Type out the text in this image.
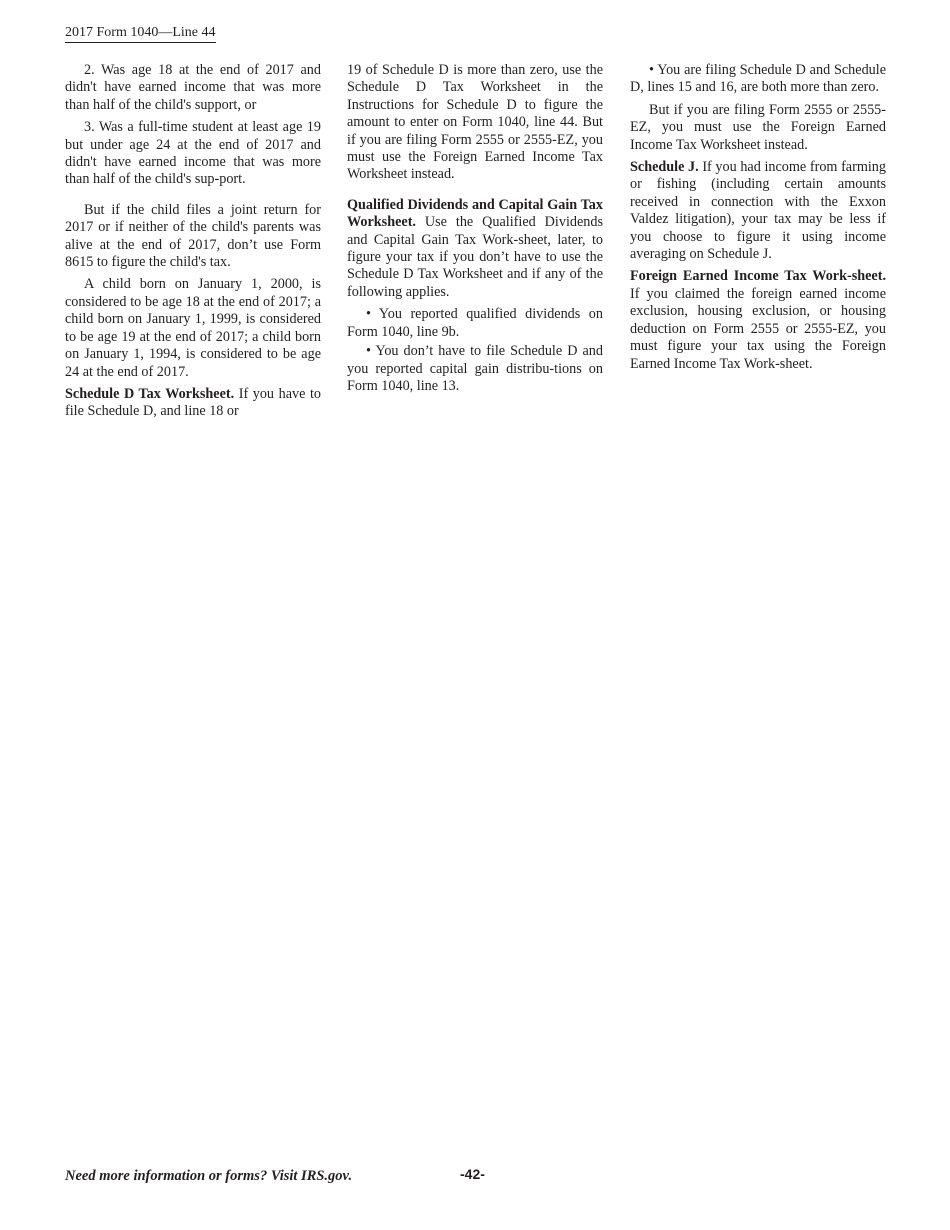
2017 Form 1040—Line 44

2. Was age 18 at the end of 2017 and didn't have earned income that was more than half of the child's support, or

3. Was a full-time student at least age 19 but under age 24 at the end of 2017 and didn't have earned income that was more than half of the child's sup-port.

But if the child files a joint return for 2017 or if neither of the child's parents was alive at the end of 2017, don’t use Form 8615 to figure the child's tax.

A child born on January 1, 2000, is considered to be age 18 at the end of 2017; a child born on January 1, 1999, is considered to be age 19 at the end of 2017; a child born on January 1, 1994, is considered to be age 24 at the end of 2017.

Schedule D Tax Worksheet. If you have to file Schedule D, and line 18 or

19 of Schedule D is more than zero, use the Schedule D Tax Worksheet in the Instructions for Schedule D to figure the amount to enter on Form 1040, line 44. But if you are filing Form 2555 or 2555-EZ, you must use the Foreign Earned Income Tax Worksheet instead.

Qualified Dividends and Capital Gain Tax Worksheet. Use the Qualified Dividends and Capital Gain Tax Work-sheet, later, to figure your tax if you don’t have to use the Schedule D Tax Worksheet and if any of the following applies.

• You reported qualified dividends on Form 1040, line 9b.

• You don’t have to file Schedule D and you reported capital gain distribu-tions on Form 1040, line 13.

• You are filing Schedule D and Schedule D, lines 15 and 16, are both more than zero.

But if you are filing Form 2555 or 2555-EZ, you must use the Foreign Earned Income Tax Worksheet instead.

Schedule J. If you had income from farming or fishing (including certain amounts received in connection with the Exxon Valdez litigation), your tax may be less if you choose to figure it using income averaging on Schedule J.

Foreign Earned Income Tax Work-sheet. If you claimed the foreign earned income exclusion, housing exclusion, or housing deduction on Form 2555 or 2555-EZ, you must figure your tax using the Foreign Earned Income Tax Work-sheet.

Need more information or forms? Visit IRS.gov.	-42-
